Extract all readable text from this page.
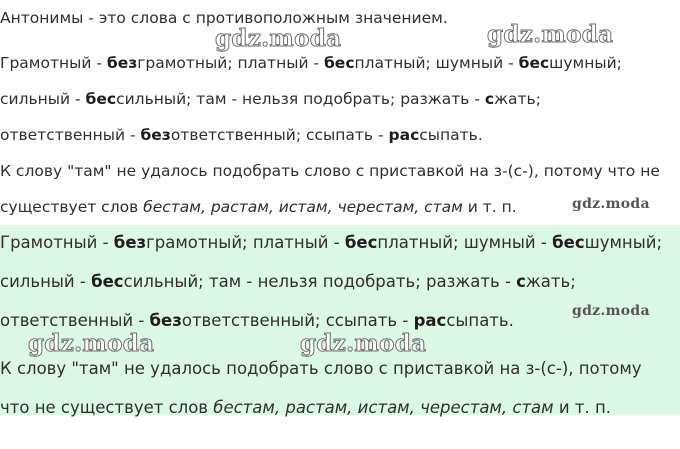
Антонимы - это слова с противоположным значением.
Грамотный - безграмотный; платный - бесплатный; шумный - бесшумный;
сильный - бессильный; там - нельзя подобрать; разжать - сжать;
ответственный - безответственный; ссыпать - рассыпать.
К слову "там" не удалось подобрать слово с приставкой на з-(с-), потому что не
существует слов бестам, растам, истам, черестам, стам и т. п.
Грамотный - безграмотный; платный - бесплатный; шумный - бесшумный;
сильный - бессильный; там - нельзя подобрать; разжать - сжать;
ответственный - безответственный; ссыпать - рассыпать.
К слову "там" не удалось подобрать слово с приставкой на з-(с-), потому
что не существует слов бестам, растам, истам, черестам, стам и т. п.
gdz.moda	gdz.moda
gdz.moda
gdz.moda
gdz.moda	gdz.moda
